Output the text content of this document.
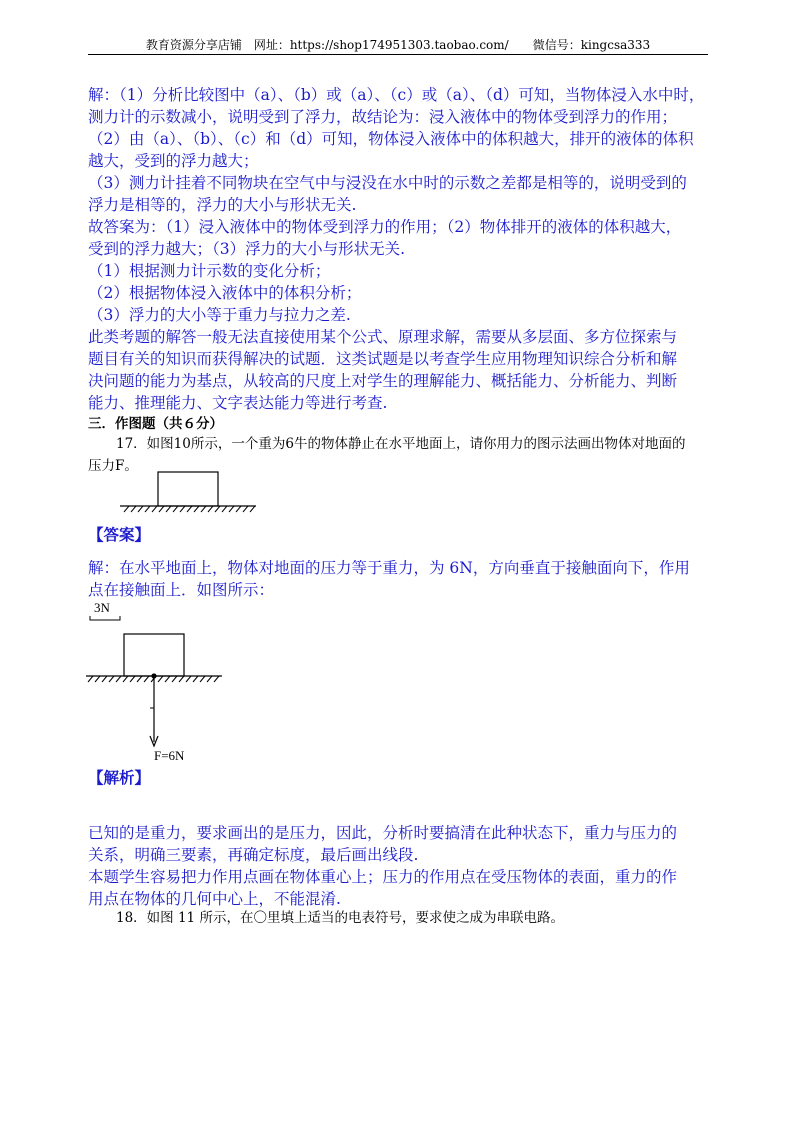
教育资源分享店铺　网址：https://shop174951303.taobao.com/　　微信号：kingcsa333
解：（1）分析比较图中（a）、（b）或（a）、（c）或（a）、（d）可知，当物体浸入水中时，
测力计的示数减小，说明受到了浮力，故结论为：浸入液体中的物体受到浮力的作用；
（2）由（a）、（b）、（c）和（d）可知，物体浸入液体中的体积越大，排开的液体的体积
越大，受到的浮力越大；
（3）测力计挂着不同物块在空气中与浸没在水中时的示数之差都是相等的，说明受到的
浮力是相等的，浮力的大小与形状无关.
故答案为：（1）浸入液体中的物体受到浮力的作用；（2）物体排开的液体的体积越大，
受到的浮力越大；（3）浮力的大小与形状无关.
（1）根据测力计示数的变化分析；
（2）根据物体浸入液体中的体积分析；
（3）浮力的大小等于重力与拉力之差.
此类考题的解答一般无法直接使用某个公式、原理求解，需要从多层面、多方位探索与
题目有关的知识而获得解决的试题．这类试题是以考查学生应用物理知识综合分析和解
决问题的能力为基点，从较高的尺度上对学生的理解能力、概括能力、分析能力、判断
能力、推理能力、文字表达能力等进行考查.
三．作图题（共６分）
17．如图10所示，一个重为6牛的物体静止在水平地面上，请你用力的图示法画出物体对地面的
压力F。
【答案】
解：在水平地面上，物体对地面的压力等于重力，为 6N，方向垂直于接触面向下，作用
点在接触面上．如图所示：
3N
F=6N
【解析】
已知的是重力，要求画出的是压力，因此，分析时要搞清在此种状态下，重力与压力的
关系，明确三要素，再确定标度，最后画出线段.
本题学生容易把力作用点画在物体重心上；压力的作用点在受压物体的表面，重力的作
用点在物体的几何中心上，不能混淆.
18．如图 11 所示，在〇里填上适当的电表符号，要求使之成为串联电路。
